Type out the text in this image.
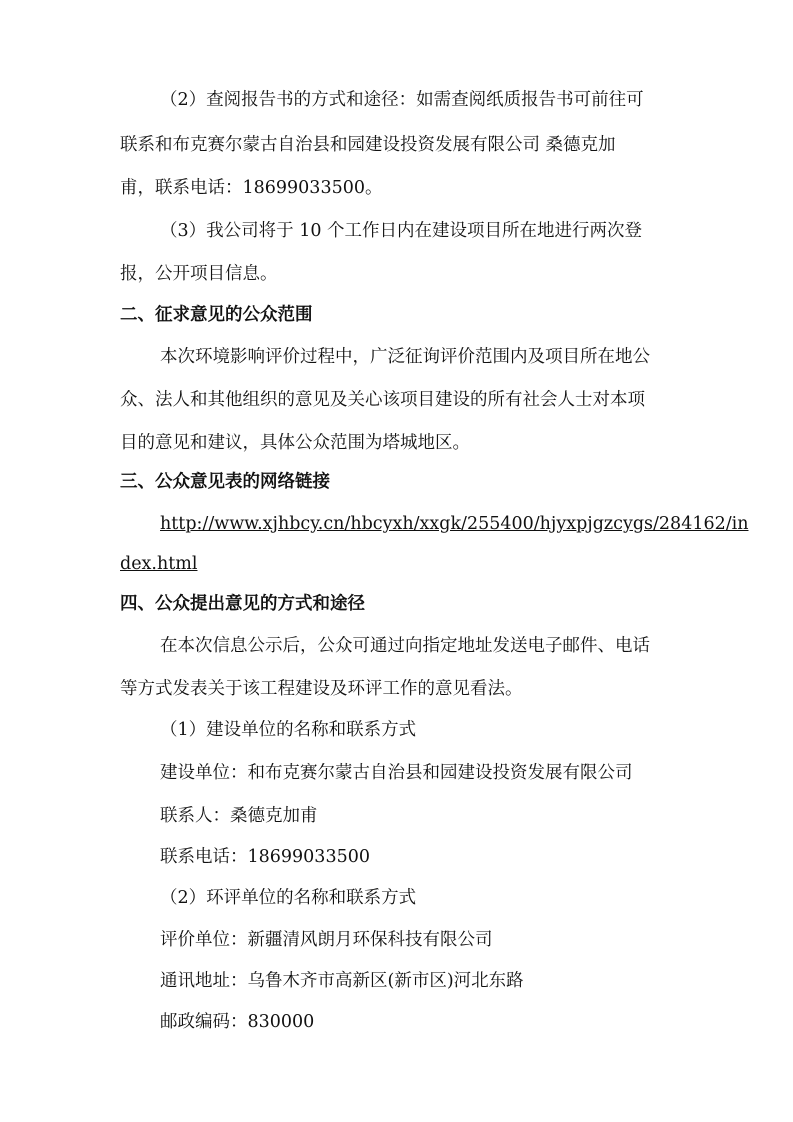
（2）查阅报告书的方式和途径：如需查阅纸质报告书可前往可
联系和布克赛尔蒙古自治县和园建设投资发展有限公司 桑德克加
甫，联系电话：18699033500。
（3）我公司将于 10 个工作日内在建设项目所在地进行两次登
报，公开项目信息。
二、征求意见的公众范围
本次环境影响评价过程中，广泛征询评价范围内及项目所在地公
众、法人和其他组织的意见及关心该项目建设的所有社会人士对本项
目的意见和建议，具体公众范围为塔城地区。
三、公众意见表的网络链接
http://www.xjhbcy.cn/hbcyxh/xxgk/255400/hjyxpjgzcygs/284162/in
dex.html
四、公众提出意见的方式和途径
在本次信息公示后，公众可通过向指定地址发送电子邮件、电话
等方式发表关于该工程建设及环评工作的意见看法。
（1）建设单位的名称和联系方式
建设单位：和布克赛尔蒙古自治县和园建设投资发展有限公司
联系人：桑德克加甫
联系电话：18699033500
（2）环评单位的名称和联系方式
评价单位：新疆清风朗月环保科技有限公司
通讯地址：乌鲁木齐市高新区(新市区)河北东路
邮政编码：830000
